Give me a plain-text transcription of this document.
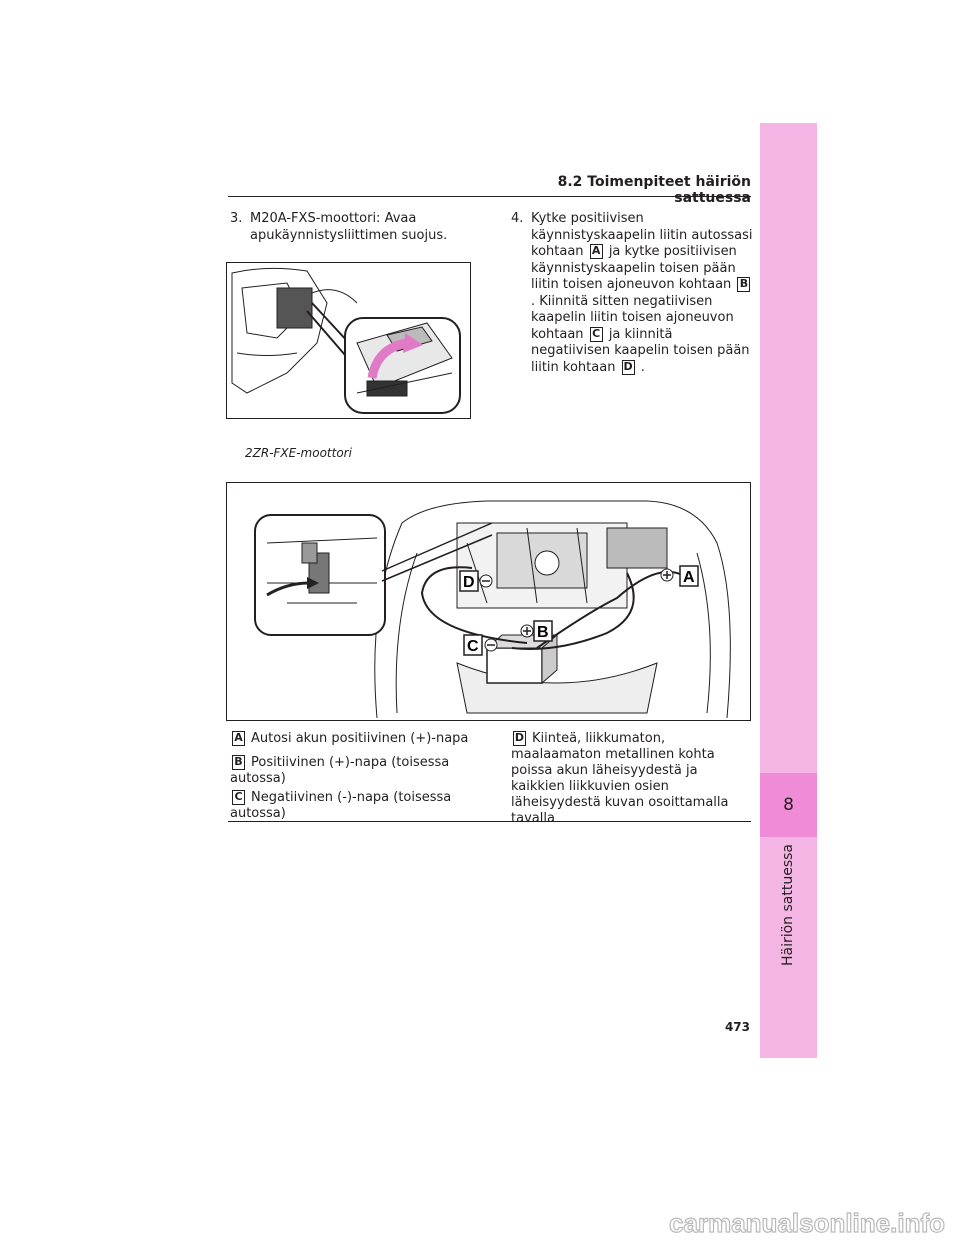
8
Häiriön sattuessa
8.2 Toimenpiteet häiriön sattuessa
3. M20A-FXS-moottori: Avaa apukäynnistysliittimen suojus.
4. Kytke positiivisen käynnistyskaapelin liitin autossasi kohtaan A ja kytke positiivisen käynnistyskaapelin toisen pään liitin toisen ajoneuvon kohtaan B . Kiinnitä sitten negatiivisen kaapelin liitin toisen ajoneuvon kohtaan C ja kiinnitä negatiivisen kaapelin toisen pään liitin kohtaan D .
2ZR-FXE-moottori
D	A
C
B
A Autosi akun positiivinen (+)-napa
B Positiivinen (+)-napa (toisessa autossa)
C Negatiivinen (-)-napa (toisessa autossa)
D Kiinteä, liikkumaton, maalaamaton metallinen kohta poissa akun läheisyydestä ja kaikkien liikkuvien osien läheisyydestä kuvan osoittamalla tavalla
473
carmanualsonline.info
